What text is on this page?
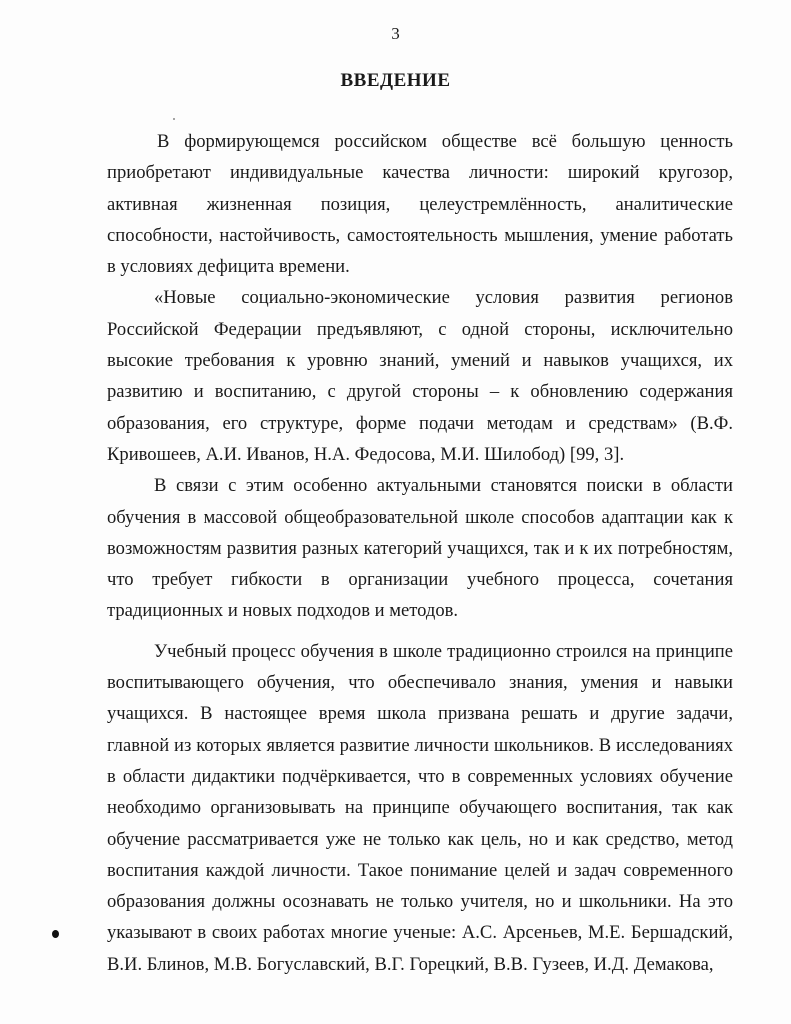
3
ВВЕДЕНИЕ

В формирующемся российском обществе всё большую ценность приобретают индивидуальные качества личности: широкий кругозор, активная жизненная позиция, целеустремлённость, аналитические способности, настойчивость, самостоятельность мышления, умение работать в условиях дефицита времени.

«Новые социально-экономические условия развития регионов Российской Федерации предъявляют, с одной стороны, исключительно высокие требования к уровню знаний, умений и навыков учащихся, их развитию и воспитанию, с другой стороны – к обновлению содержания образования, его структуре, форме подачи методам и средствам» (В.Ф. Кривошеев, А.И. Иванов, Н.А. Федосова, М.И. Шилобод) [99, 3].

В связи с этим особенно актуальными становятся поиски в области обучения в массовой общеобразовательной школе способов адаптации как к возможностям развития разных категорий учащихся, так и к их потребностям, что требует гибкости в организации учебного процесса, сочетания традиционных и новых подходов и методов.

Учебный процесс обучения в школе традиционно строился на принципе воспитывающего обучения, что обеспечивало знания, умения и навыки учащихся. В настоящее время школа призвана решать и другие задачи, главной из которых является развитие личности школьников. В исследованиях в области дидактики подчёркивается, что в современных условиях обучение необходимо организовывать на принципе обучающего воспитания, так как обучение рассматривается уже не только как цель, но и как средство, метод воспитания каждой личности. Такое понимание целей и задач современного образования должны осознавать не только учителя, но и школьники. На это указывают в своих работах многие ученые: А.С. Арсеньев, М.Е. Бершадский, В.И. Блинов, М.В. Богуславский, В.Г. Горецкий, В.В. Гузеев, И.Д. Демакова,
